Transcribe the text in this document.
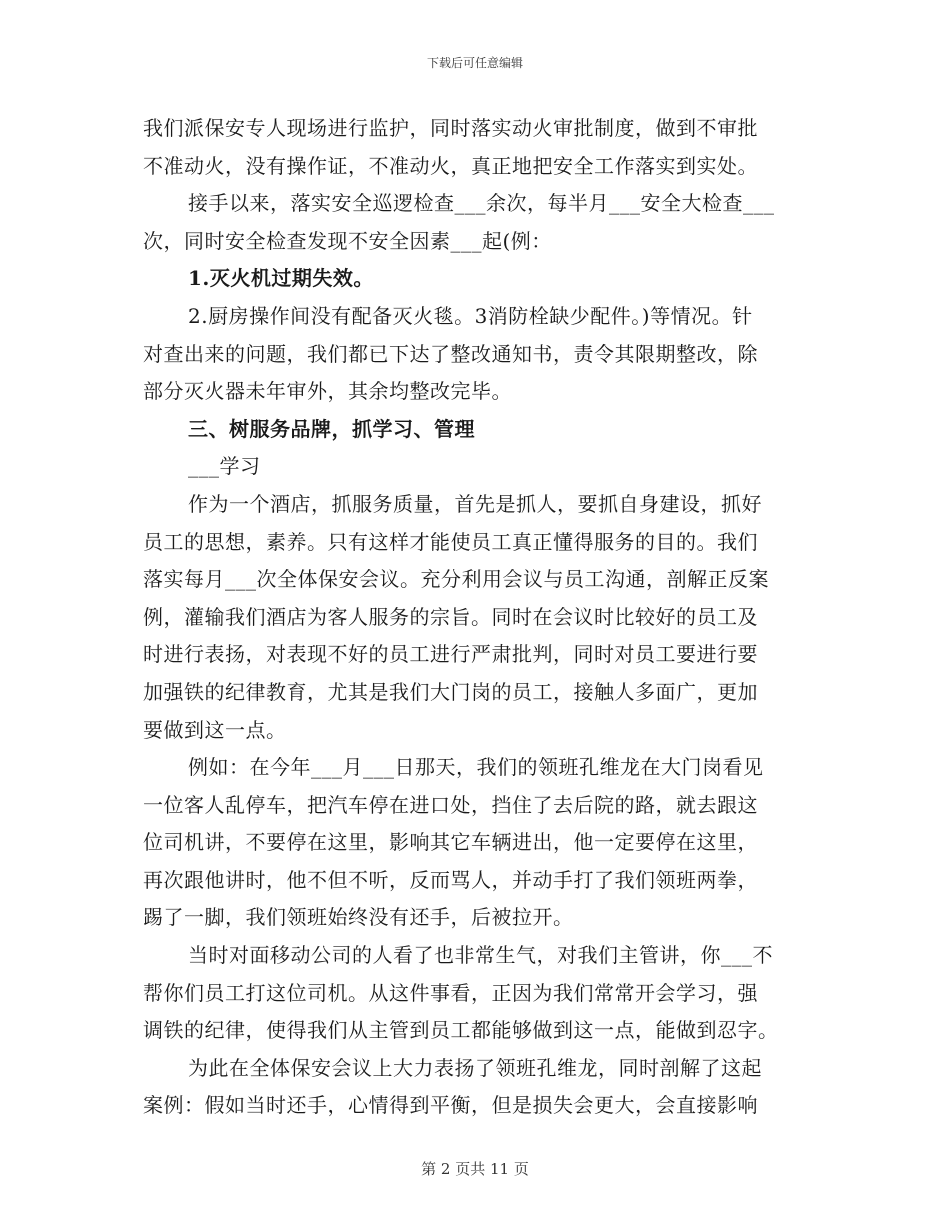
下载后可任意编辑
我们派保安专人现场进行监护，同时落实动火审批制度，做到不审批
不准动火，没有操作证，不准动火，真正地把安全工作落实到实处。
接手以来，落实安全巡逻检查___余次，每半月___安全大检查___
次，同时安全检查发现不安全因素___起(例：
1.灭火机过期失效。
2.厨房操作间没有配备灭火毯。3消防栓缺少配件。)等情况。针
对查出来的问题，我们都已下达了整改通知书，责令其限期整改，除
部分灭火器未年审外，其余均整改完毕。
三、树服务品牌，抓学习、管理
___学习
作为一个酒店，抓服务质量，首先是抓人，要抓自身建设，抓好
员工的思想，素养。只有这样才能使员工真正懂得服务的目的。我们
落实每月___次全体保安会议。充分利用会议与员工沟通，剖解正反案
例，灌输我们酒店为客人服务的宗旨。同时在会议时比较好的员工及
时进行表扬，对表现不好的员工进行严肃批判，同时对员工要进行要
加强铁的纪律教育，尤其是我们大门岗的员工，接触人多面广，更加
要做到这一点。
例如：在今年___月___日那天，我们的领班孔维龙在大门岗看见
一位客人乱停车，把汽车停在进口处，挡住了去后院的路，就去跟这
位司机讲，不要停在这里，影响其它车辆进出，他一定要停在这里，
再次跟他讲时，他不但不听，反而骂人，并动手打了我们领班两拳，
踢了一脚，我们领班始终没有还手，后被拉开。
当时对面移动公司的人看了也非常生气，对我们主管讲，你___不
帮你们员工打这位司机。从这件事看，正因为我们常常开会学习，强
调铁的纪律，使得我们从主管到员工都能够做到这一点，能做到忍字。
为此在全体保安会议上大力表扬了领班孔维龙，同时剖解了这起
案例：假如当时还手，心情得到平衡，但是损失会更大，会直接影响
第 2 页共 11 页
